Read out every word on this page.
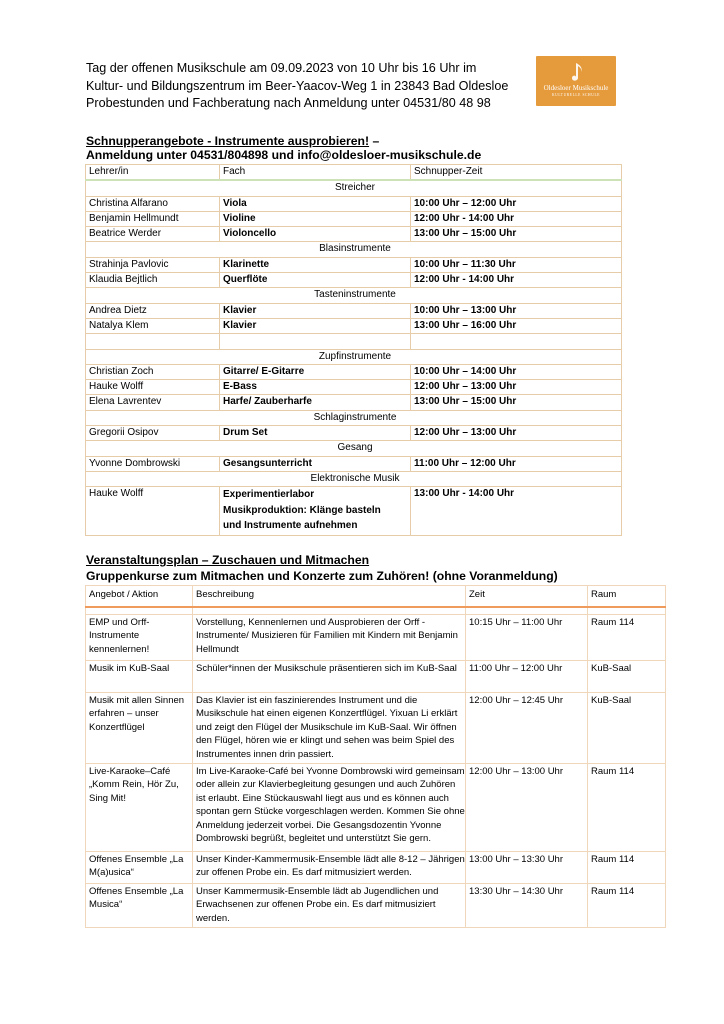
Tag der offenen Musikschule am 09.09.2023 von 10 Uhr bis 16 Uhr im
Kultur- und Bildungszentrum im Beer-Yaacov-Weg 1 in 23843 Bad Oldesloe
Probestunden und Fachberatung nach Anmeldung unter 04531/80 48 98
Oldesloer Musikschule
KULTURELLE SCHULE
Schnupperangebote - Instrumente ausprobieren! –
Anmeldung unter 04531/804898 und info@oldesloer-musikschule.de
Lehrer/in	Fach	Schnupper-Zeit
Streicher		
Christina Alfarano	Viola	10:00 Uhr – 12:00 Uhr
Benjamin Hellmundt	Violine	12:00 Uhr - 14:00 Uhr
Beatrice Werder	Violoncello	13:00 Uhr – 15:00 Uhr
Blasinstrumente		
Strahinja Pavlovic	Klarinette	10:00 Uhr – 11:30 Uhr
Klaudia Bejtlich	Querflöte	12:00 Uhr - 14:00 Uhr
Tasteninstrumente		
Andrea Dietz	Klavier	10:00 Uhr – 13:00 Uhr
Natalya Klem	Klavier	13:00 Uhr – 16:00 Uhr

Zupfinstrumente		
Christian Zoch	Gitarre/ E-Gitarre	10:00 Uhr – 14:00 Uhr
Hauke Wolff	E-Bass	12:00 Uhr – 13:00 Uhr
Elena Lavrentev	Harfe/ Zauberharfe	13:00 Uhr – 15:00 Uhr
Schlaginstrumente		
Gregorii Osipov	Drum Set	12:00 Uhr – 13:00 Uhr
Gesang		
Yvonne Dombrowski	Gesangsunterricht	11:00 Uhr – 12:00 Uhr
Elektronische Musik		
Hauke Wolff	Experimentierlabor
Musikproduktion: Klänge basteln
und Instrumente aufnehmen	13:00 Uhr - 14:00 Uhr
Veranstaltungsplan – Zuschauen und Mitmachen
Gruppenkurse zum Mitmachen und Konzerte zum Zuhören! (ohne Voranmeldung)
Angebot / Aktion	Beschreibung	Zeit	Raum

EMP und Orff-Instrumente kennenlernen!	Vorstellung, Kennenlernen und Ausprobieren der Orff - Instrumente/ Musizieren für Familien mit Kindern mit Benjamin Hellmundt	10:15 Uhr – 11:00 Uhr	Raum 114
Musik im KuB-Saal	Schüler*innen der Musikschule präsentieren sich im KuB-Saal	11:00 Uhr – 12:00 Uhr	KuB-Saal
Musik mit allen Sinnen erfahren – unser Konzertflügel	Das Klavier ist ein faszinierendes Instrument und die Musikschule hat einen eigenen Konzertflügel. Yixuan Li erklärt und zeigt den Flügel der Musikschule im KuB-Saal. Wir öffnen den Flügel, hören wie er klingt und sehen was beim Spiel des Instrumentes innen drin passiert.	12:00 Uhr – 12:45 Uhr	KuB-Saal
Live-Karaoke–Café „Komm Rein, Hör Zu, Sing Mit!	Im Live-Karaoke-Café bei Yvonne Dombrowski wird gemeinsam oder allein zur Klavierbegleitung gesungen und auch Zuhören ist erlaubt. Eine Stückauswahl liegt aus und es können auch spontan gern Stücke vorgeschlagen werden. Kommen Sie ohne Anmeldung jederzeit vorbei. Die Gesangsdozentin Yvonne Dombrowski begrüßt, begleitet und unterstützt Sie gern.	12:00 Uhr – 13:00 Uhr	Raum 114
Offenes Ensemble „La M(a)usica“	Unser Kinder-Kammermusik-Ensemble lädt alle 8-12 – Jährigen zur offenen Probe ein. Es darf mitmusiziert werden.	13:00 Uhr – 13:30 Uhr	Raum 114
Offenes Ensemble „La Musica“	Unser Kammermusik-Ensemble lädt ab Jugendlichen und Erwachsenen zur offenen Probe ein. Es darf mitmusiziert werden.	13:30 Uhr – 14:30 Uhr	Raum 114
